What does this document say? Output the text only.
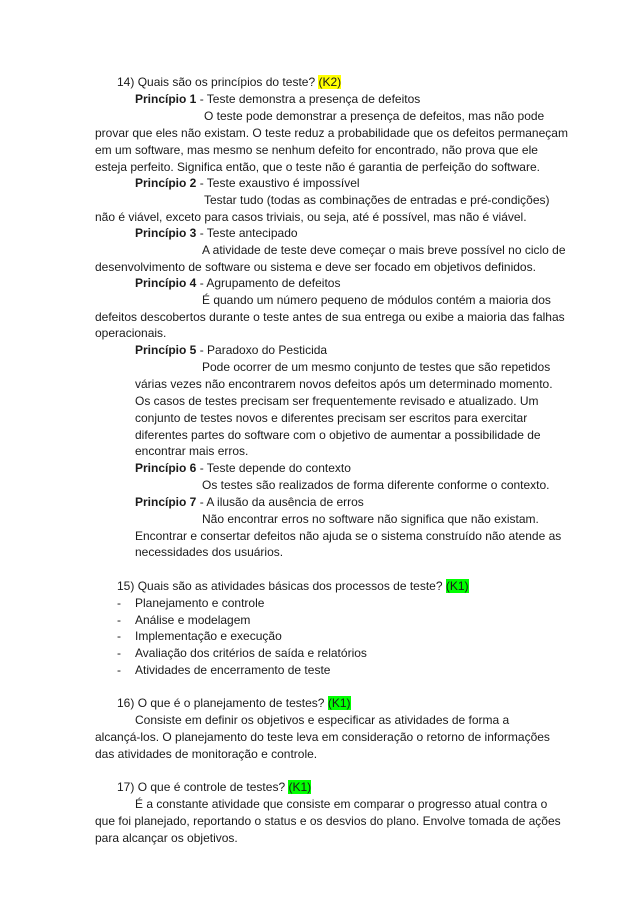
14) Quais são os princípios do teste? (K2)
Princípio 1 - Teste demonstra a presença de defeitos
O teste pode demonstrar a presença de defeitos, mas não pode
provar que eles não existam. O teste reduz a probabilidade que os defeitos permaneçam
em um software, mas mesmo se nenhum defeito for encontrado, não prova que ele
esteja perfeito. Significa então, que o teste não é garantia de perfeição do software.
Princípio 2 - Teste exaustivo é impossível
Testar tudo (todas as combinações de entradas e pré-condições)
não é viável, exceto para casos triviais, ou seja, até é possível, mas não é viável.
Princípio 3 - Teste antecipado
A atividade de teste deve começar o mais breve possível no ciclo de
desenvolvimento de software ou sistema e deve ser focado em objetivos definidos.
Princípio 4 - Agrupamento de defeitos
É quando um número pequeno de módulos contém a maioria dos
defeitos descobertos durante o teste antes de sua entrega ou exibe a maioria das falhas
operacionais.
Princípio 5 - Paradoxo do Pesticida
Pode ocorrer de um mesmo conjunto de testes que são repetidos
várias vezes não encontrarem novos defeitos após um determinado momento.
Os casos de testes precisam ser frequentemente revisado e atualizado. Um
conjunto de testes novos e diferentes precisam ser escritos para exercitar
diferentes partes do software com o objetivo de aumentar a possibilidade de
encontrar mais erros.
Princípio 6 - Teste depende do contexto
Os testes são realizados de forma diferente conforme o contexto.
Princípio 7 - A ilusão da ausência de erros
Não encontrar erros no software não significa que não existam.
Encontrar e consertar defeitos não ajuda se o sistema construído não atende as
necessidades dos usuários.
15) Quais são as atividades básicas dos processos de teste? (K1)
- Planejamento e controle
- Análise e modelagem
- Implementação e execução
- Avaliação dos critérios de saída e relatórios
- Atividades de encerramento de teste
16) O que é o planejamento de testes? (K1)
Consiste em definir os objetivos e especificar as atividades de forma a
alcançá-los. O planejamento do teste leva em consideração o retorno de informações
das atividades de monitoração e controle.
17) O que é controle de testes? (K1)
É a constante atividade que consiste em comparar o progresso atual contra o
que foi planejado, reportando o status e os desvios do plano. Envolve tomada de ações
para alcançar os objetivos.
